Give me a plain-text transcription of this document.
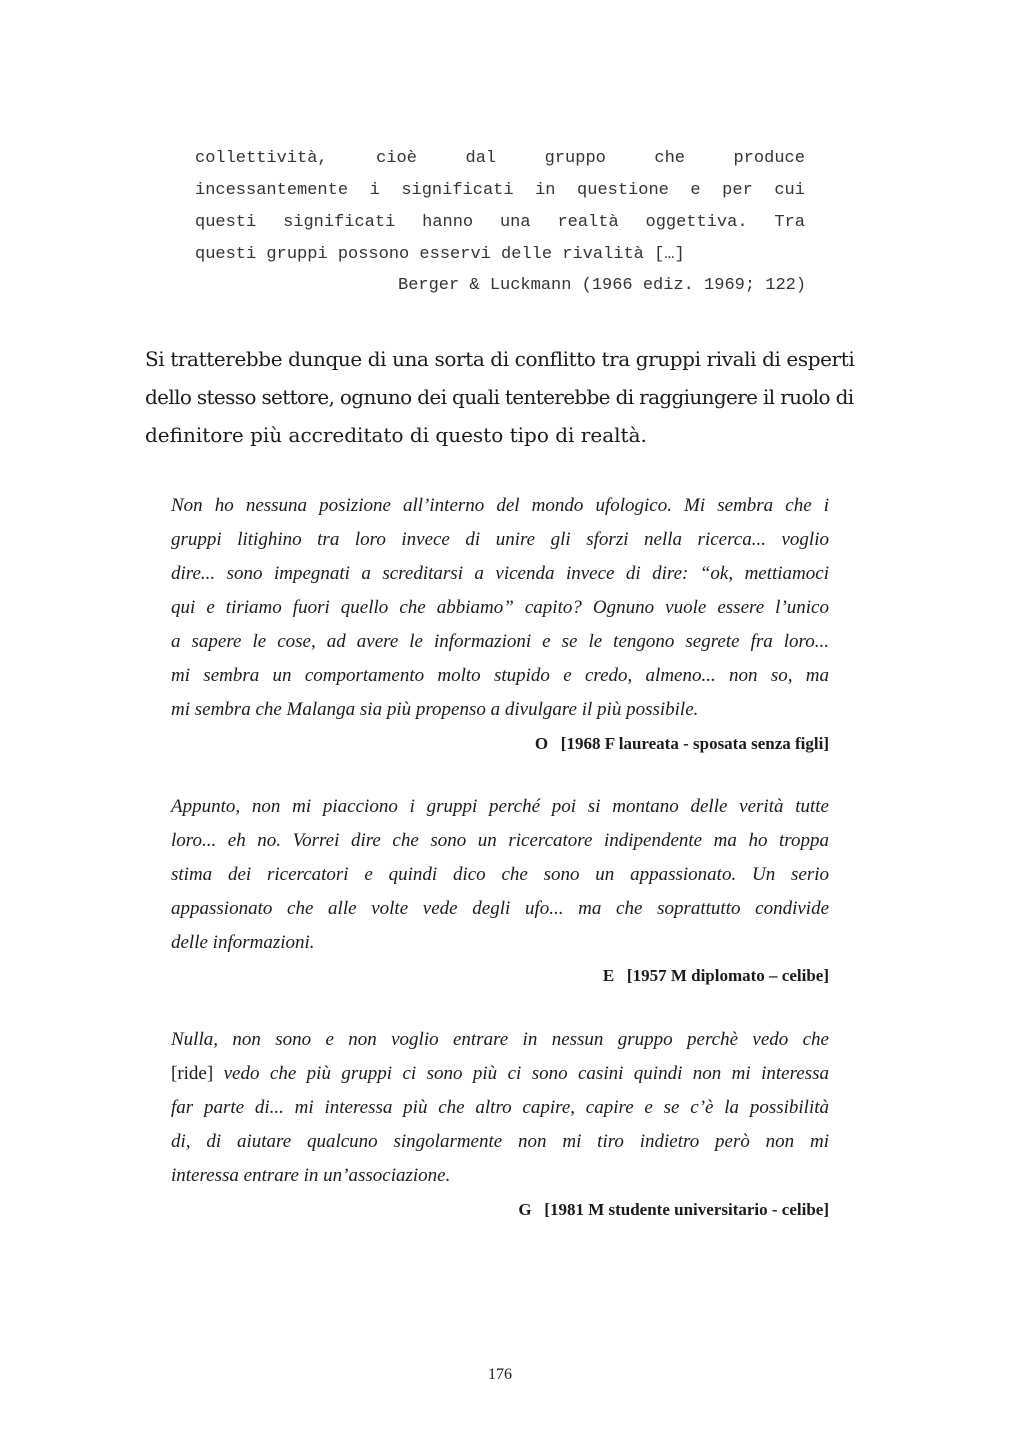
collettività,	cioè	dal	gruppo	che	produce
incessantemente i significati in questione e per cui
questi significati hanno una realtà oggettiva. Tra
questi gruppi possono esservi delle rivalità […]
Berger & Luckmann (1966 ediz. 1969; 122)
Si tratterebbe dunque di una sorta di conflitto tra gruppi rivali di esperti
dello stesso settore, ognuno dei quali tenterebbe di raggiungere il ruolo di
definitore più accreditato di questo tipo di realtà.
Non ho nessuna posizione all’interno del mondo ufologico. Mi sembra che i
gruppi litighino tra loro invece di unire gli sforzi nella ricerca... voglio
dire... sono impegnati a screditarsi a vicenda invece di dire: “ok, mettiamoci
qui e tiriamo fuori quello che abbiamo” capito? Ognuno vuole essere l’unico
a sapere le cose, ad avere le informazioni e se le tengono segrete fra loro...
mi sembra un comportamento molto stupido e credo, almeno... non so, ma
mi sembra che Malanga sia più propenso a divulgare il più possibile.
O   [1968 F laureata - sposata senza figli]
Appunto, non mi piacciono i gruppi perché poi si montano delle verità tutte
loro... eh no. Vorrei dire che sono un ricercatore indipendente ma ho troppa
stima dei ricercatori e quindi dico che sono un appassionato. Un serio
appassionato che alle volte vede degli ufo... ma che soprattutto condivide
delle informazioni.
E   [1957 M diplomato – celibe]
Nulla, non sono e non voglio entrare in nessun gruppo perchè vedo che
[ride] vedo che più gruppi ci sono più ci sono casini quindi non mi interessa
far parte di... mi interessa più che altro capire, capire e se c’è la possibilità
di, di aiutare qualcuno singolarmente non mi tiro indietro però non mi
interessa entrare in un’associazione.
G   [1981 M studente universitario - celibe]
176
